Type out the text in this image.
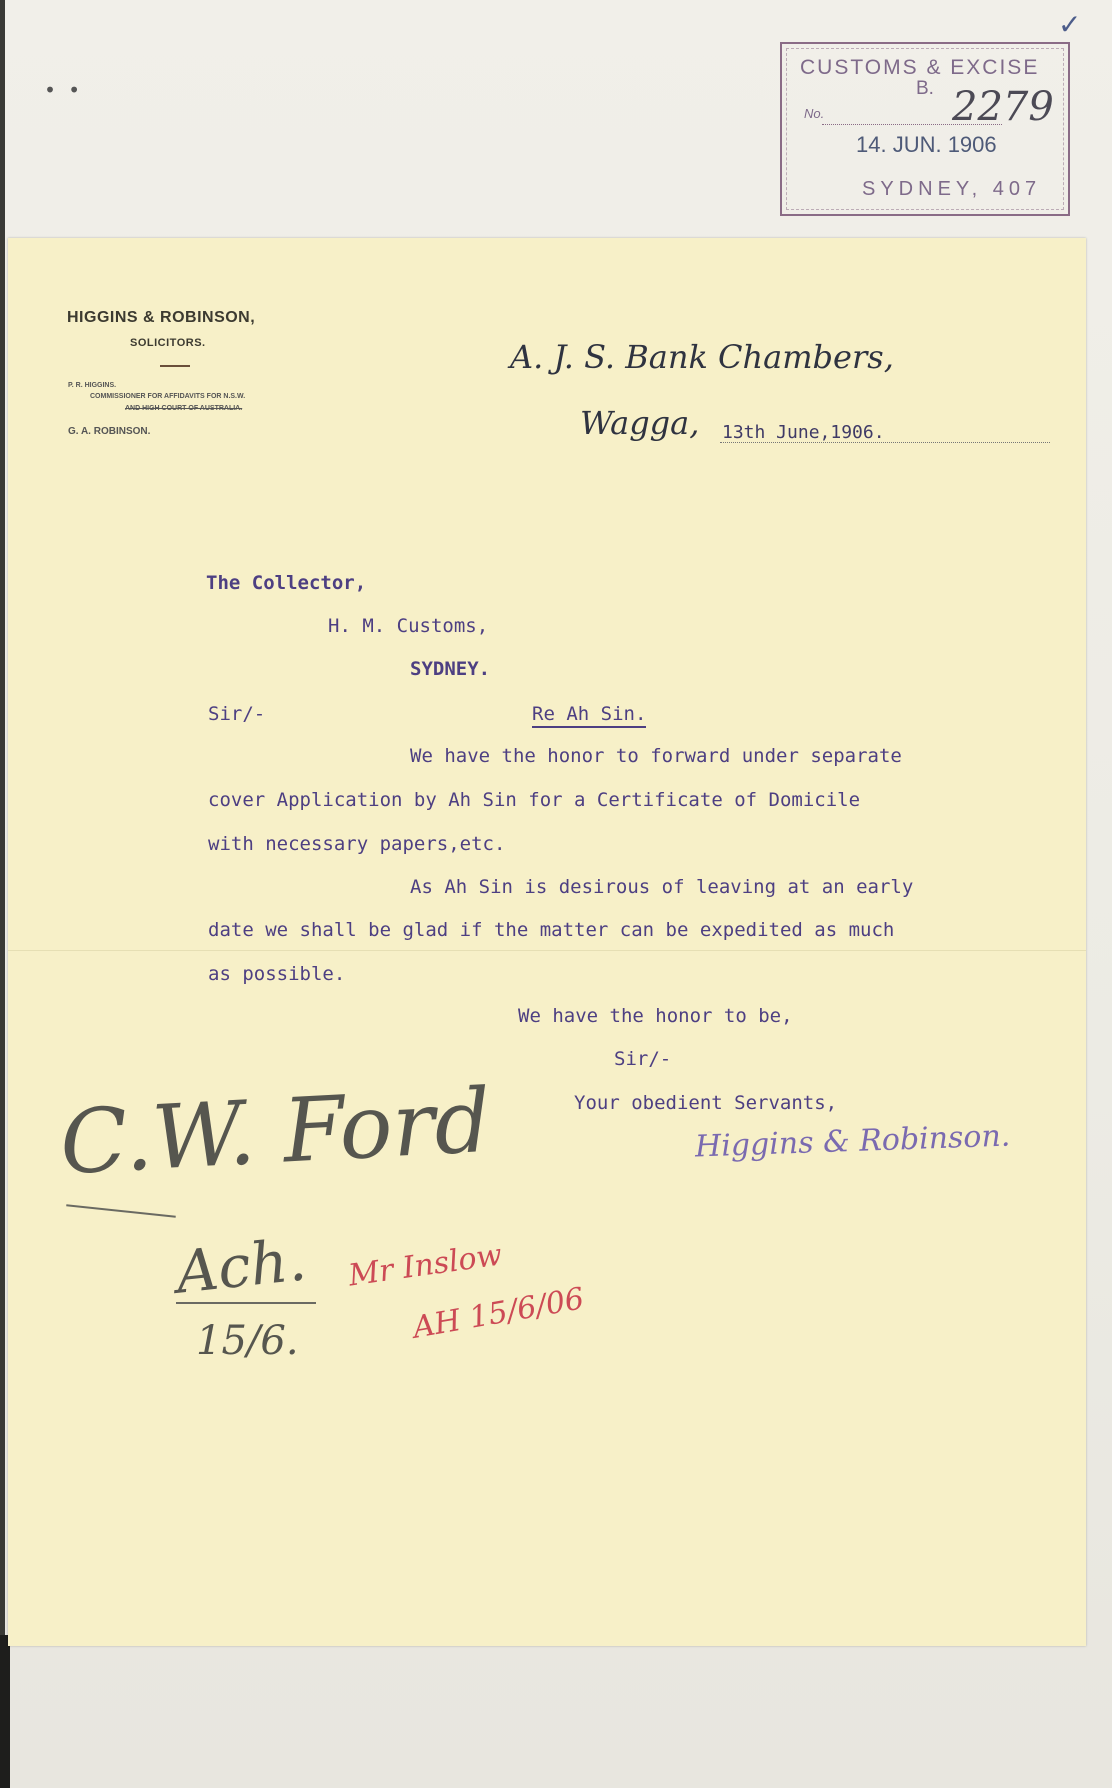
• •
CUSTOMS & EXCISE
B.
No.	2279
14. JUN. 1906
SYDNEY, 407
✓
HIGGINS & ROBINSON,
SOLICITORS.
P. R. HIGGINS.
COMMISSIONER FOR AFFIDAVITS FOR N.S.W.
AND HIGH COURT OF AUSTRALIA.
G. A. ROBINSON.
A. J. S. Bank Chambers,
Wagga, 13th June,1906.
The Collector,
H. M. Customs,
SYDNEY.
Sir/-	Re Ah Sin.
We have the honor to forward under separate
cover Application by Ah Sin for a Certificate of Domicile
with necessary papers,etc.
As Ah Sin is desirous of leaving at an early
date we shall be glad if the matter can be expedited as much
as possible.
We have the honor to be,
Sir/-
Your obedient Servants,
Higgins & Robinson.
C.W. Ford
Ach.
15/6.
Mr Inslow
AH 15/6/06
